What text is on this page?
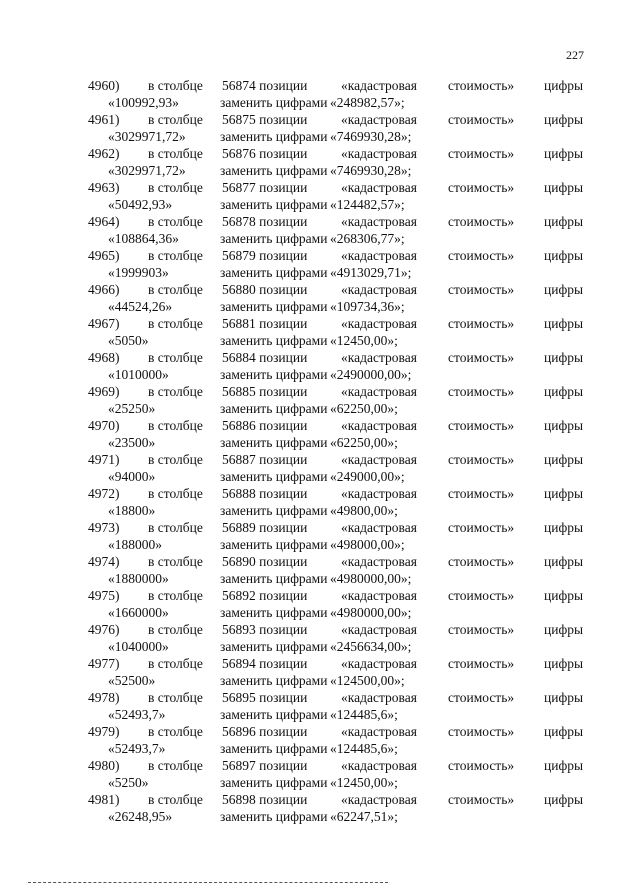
227
4960) в столбце 56874 позиции «кадастровая стоимость» цифры
«100992,93»	заменить цифрами «248982,57»;
4961) в столбце 56875 позиции «кадастровая стоимость» цифры
«3029971,72»	заменить цифрами «7469930,28»;
4962) в столбце 56876 позиции «кадастровая стоимость» цифры
«3029971,72»	заменить цифрами «7469930,28»;
4963) в столбце 56877 позиции «кадастровая стоимость» цифры
«50492,93»	заменить цифрами «124482,57»;
4964) в столбце 56878 позиции «кадастровая стоимость» цифры
«108864,36»	заменить цифрами «268306,77»;
4965) в столбце 56879 позиции «кадастровая стоимость» цифры
«1999903»	заменить цифрами «4913029,71»;
4966) в столбце 56880 позиции «кадастровая стоимость» цифры
«44524,26»	заменить цифрами «109734,36»;
4967) в столбце 56881 позиции «кадастровая стоимость» цифры
«5050»	заменить цифрами «12450,00»;
4968) в столбце 56884 позиции «кадастровая стоимость» цифры
«1010000»	заменить цифрами «2490000,00»;
4969) в столбце 56885 позиции «кадастровая стоимость» цифры
«25250»	заменить цифрами «62250,00»;
4970) в столбце 56886 позиции «кадастровая стоимость» цифры
«23500»	заменить цифрами «62250,00»;
4971) в столбце 56887 позиции «кадастровая стоимость» цифры
«94000»	заменить цифрами «249000,00»;
4972) в столбце 56888 позиции «кадастровая стоимость» цифры
«18800»	заменить цифрами «49800,00»;
4973) в столбце 56889 позиции «кадастровая стоимость» цифры
«188000»	заменить цифрами «498000,00»;
4974) в столбце 56890 позиции «кадастровая стоимость» цифры
«1880000»	заменить цифрами «4980000,00»;
4975) в столбце 56892 позиции «кадастровая стоимость» цифры
«1660000»	заменить цифрами «4980000,00»;
4976) в столбце 56893 позиции «кадастровая стоимость» цифры
«1040000»	заменить цифрами «2456634,00»;
4977) в столбце 56894 позиции «кадастровая стоимость» цифры
«52500»	заменить цифрами «124500,00»;
4978) в столбце 56895 позиции «кадастровая стоимость» цифры
«52493,7»	заменить цифрами «124485,6»;
4979) в столбце 56896 позиции «кадастровая стоимость» цифры
«52493,7»	заменить цифрами «124485,6»;
4980) в столбце 56897 позиции «кадастровая стоимость» цифры
«5250»	заменить цифрами «12450,00»;
4981) в столбце 56898 позиции «кадастровая стоимость» цифры
«26248,95»	заменить цифрами «62247,51»;
